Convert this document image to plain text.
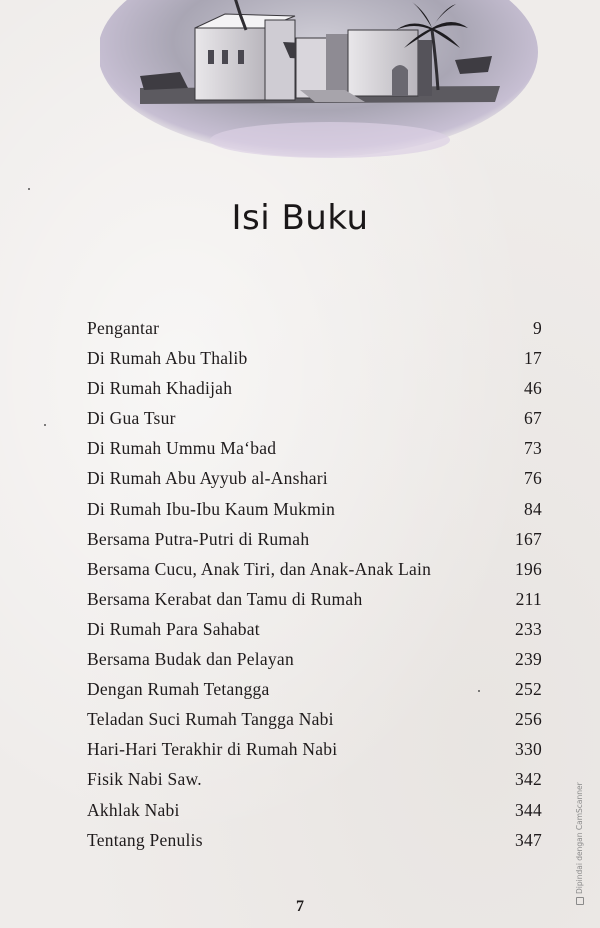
Isi Buku
Pengantar	9
Di Rumah Abu Thalib	17
Di Rumah Khadijah	46
Di Gua Tsur	67
Di Rumah Ummu Ma‘bad	73
Di Rumah Abu Ayyub al-Anshari	76
Di Rumah Ibu-Ibu Kaum Mukmin	84
Bersama Putra-Putri di Rumah	167
Bersama Cucu, Anak Tiri, dan Anak-Anak Lain	196
Bersama Kerabat dan Tamu di Rumah	211
Di Rumah Para Sahabat	233
Bersama Budak dan Pelayan	239
Dengan Rumah Tetangga	252
Teladan Suci Rumah Tangga Nabi	256
Hari-Hari Terakhir di Rumah Nabi	330
Fisik Nabi Saw.	342
Akhlak Nabi	344
Tentang Penulis	347

7

Dipindai dengan CamScanner
